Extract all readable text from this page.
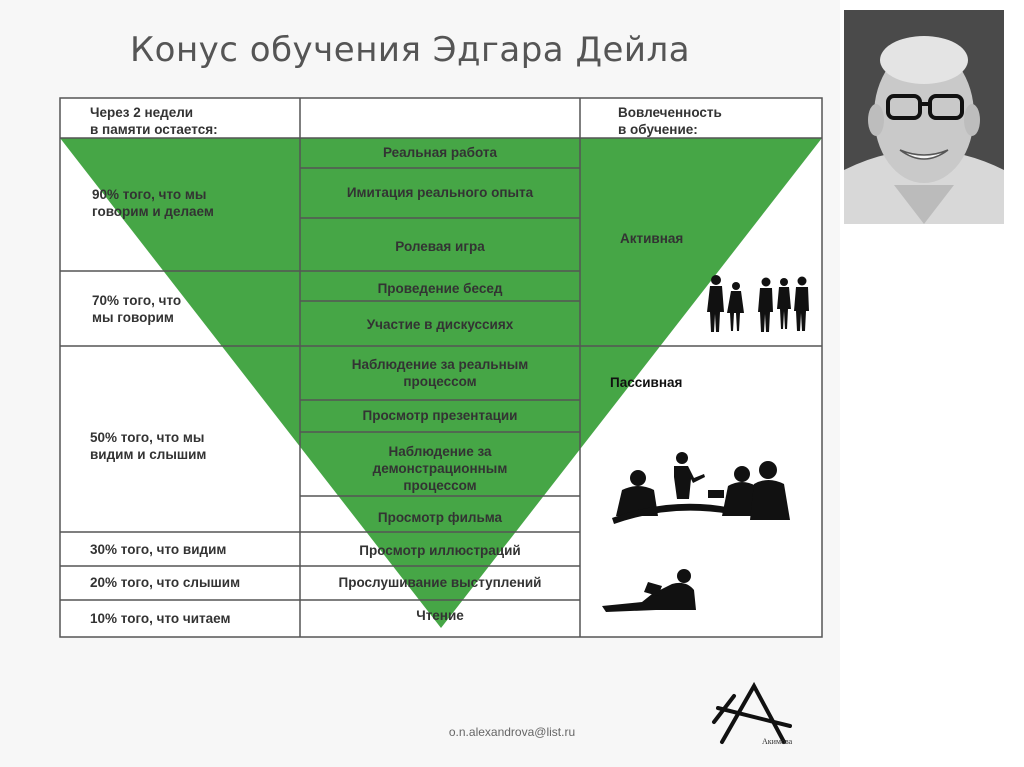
Конус обучения Эдгара Дейла
Через 2 недели
в памяти остается:
Вовлеченность
в обучение:
90% того, что мы
говорим и делаем
70% того, что
мы говорим
50% того, что мы
видим и слышим
30% того, что видим
20% того, что слышим
10% того, что читаем
Реальная работа
Имитация реального опыта
Ролевая игра
Проведение бесед
Участие в дискуссиях
Наблюдение за реальным
процессом
Просмотр презентации
Наблюдение за
демонстрационным
процессом
Просмотр фильма
Просмотр иллюстраций
Прослушивание выступлений
Чтение
Активная
Пассивная
o.n.alexandrova@list.ru
Акимова
